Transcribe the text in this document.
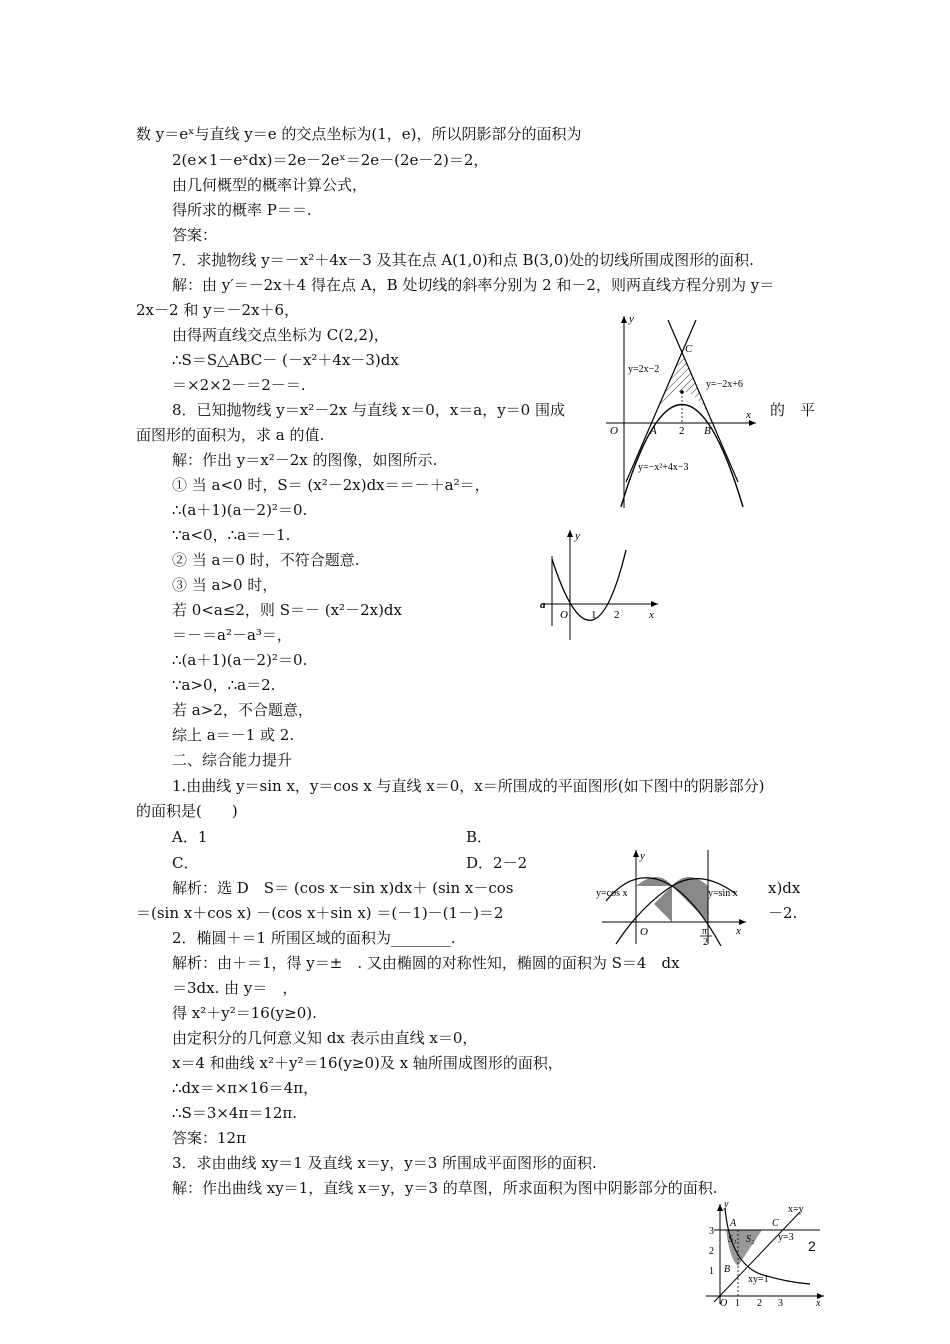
数 y＝eˣ与直线 y＝e 的交点坐标为(1，e)，所以阴影部分的面积为
2(e×1－eˣdx)＝2e－2eˣ＝2e－(2e－2)＝2，
由几何概型的概率计算公式，
得所求的概率 P＝＝.
答案：
7．求抛物线 y＝－x²＋4x－3 及其在点 A(1,0)和点 B(3,0)处的切线所围成图形的面积.
解：由 y′＝－2x＋4 得在点 A，B 处切线的斜率分别为 2 和－2，则两直线方程分别为 y＝
2x－2 和 y＝－2x＋6，
由得两直线交点坐标为 C(2,2)，
∴S＝S△ABC－ (－x²＋4x－3)dx
＝×2×2－＝2－＝.
8．已知抛物线 y＝x²－2x 与直线 x＝0，x＝a，y＝0 围成	的　平
面图形的面积为，求 a 的值.
解：作出 y＝x²－2x 的图像，如图所示.
① 当 a<0 时，S＝ (x²－2x)dx＝＝－＋a²＝，
∴(a＋1)(a－2)²＝0.
∵a<0，∴a＝－1.
② 当 a＝0 时，不符合题意.
③ 当 a>0 时，
若 0<a≤2，则 S＝－ (x²－2x)dx
＝－＝a²－a³＝，
∴(a＋1)(a－2)²＝0.
∵a>0，∴a＝2.
若 a>2，不合题意，
综上 a＝－1 或 2.
二、综合能力提升
1.由曲线 y＝sin x，y＝cos x 与直线 x＝0，x＝所围成的平面图形(如下图中的阴影部分)
的面积是(　　)
A．1	B．
C．	D．2－2
解析：选 D　S＝ (cos x－sin x)dx＋ (sin x－cos	x)dx
＝(sin x＋cos x) －(cos x＋sin x) ＝(－1)－(1－)＝2	－2.
2．椭圆＋＝1 所围区域的面积为________.
解析：由＋＝1，得 y＝±　. 又由椭圆的对称性知，椭圆的面积为 S＝4　dx
＝3dx. 由 y＝　，
得 x²＋y²＝16(y≥0).
由定积分的几何意义知 dx 表示由直线 x＝0，
x＝4 和曲线 x²＋y²＝16(y≥0)及 x 轴所围成图形的面积，
∴dx＝×π×16＝4π，
∴S＝3×4π＝12π.
答案：12π
3．求由曲线 xy＝1 及直线 x＝y，y＝3 所围成平面图形的面积.
解：作出曲线 xy＝1，直线 x＝y，y＝3 的草图，所求面积为图中阴影部分的面积.
y
x
O	A 2 B
C
y=2x−2
y=−2x+6
y=−x²+4x−3
y
x
O
a
1 2
y
x
O
y=cos x	y=sin x
π
2
y
x
O 1 2 3
3
2
1
A	C
B
S₁ S₂
x=y
y=3
xy=1
2
